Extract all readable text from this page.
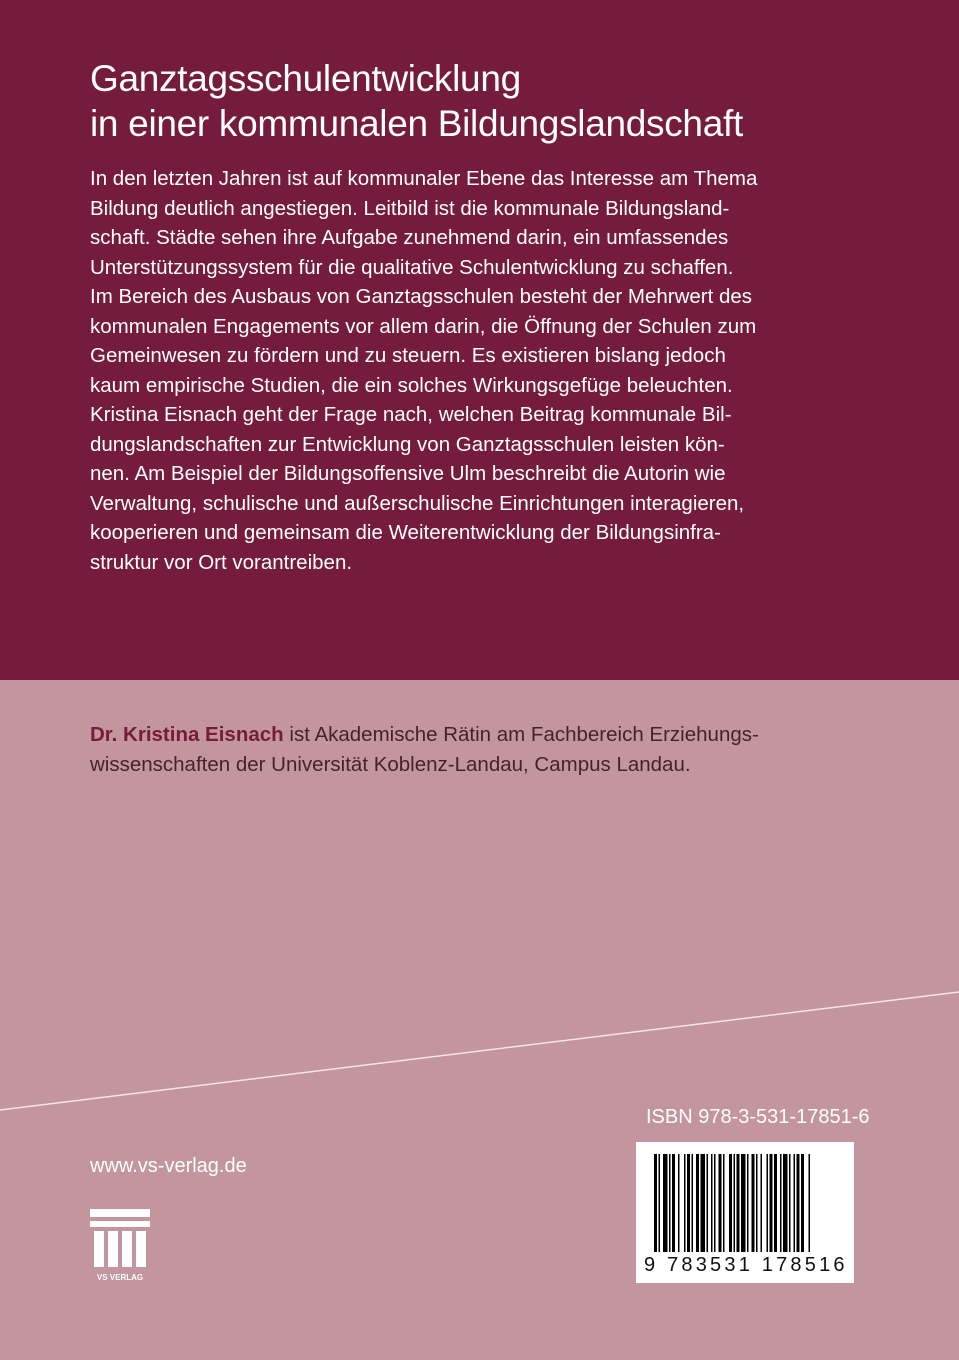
Ganztagsschulentwicklung
in einer kommunalen Bildungslandschaft
In den letzten Jahren ist auf kommunaler Ebene das Interesse am Thema
Bildung deutlich angestiegen. Leitbild ist die kommunale Bildungsland-
schaft. Städte sehen ihre Aufgabe zunehmend darin, ein umfassendes
Unterstützungssystem für die qualitative Schulentwicklung zu schaffen.
Im Bereich des Ausbaus von Ganztagsschulen besteht der Mehrwert des
kommunalen Engagements vor allem darin, die Öffnung der Schulen zum
Gemeinwesen zu fördern und zu steuern. Es existieren bislang jedoch
kaum empirische Studien, die ein solches Wirkungsgefüge beleuchten.
Kristina Eisnach geht der Frage nach, welchen Beitrag kommunale Bil-
dungslandschaften zur Entwicklung von Ganztagsschulen leisten kön-
nen. Am Beispiel der Bildungsoffensive Ulm beschreibt die Autorin wie
Verwaltung, schulische und außerschulische Einrichtungen interagieren,
kooperieren und gemeinsam die Weiterentwicklung der Bildungsinfra-
struktur vor Ort vorantreiben.
Dr. Kristina Eisnach ist Akademische Rätin am Fachbereich Erziehungs-
wissenschaften der Universität Koblenz-Landau, Campus Landau.
www.vs-verlag.de
VS VERLAG
ISBN 978-3-531-17851-6
9 783531 178516
